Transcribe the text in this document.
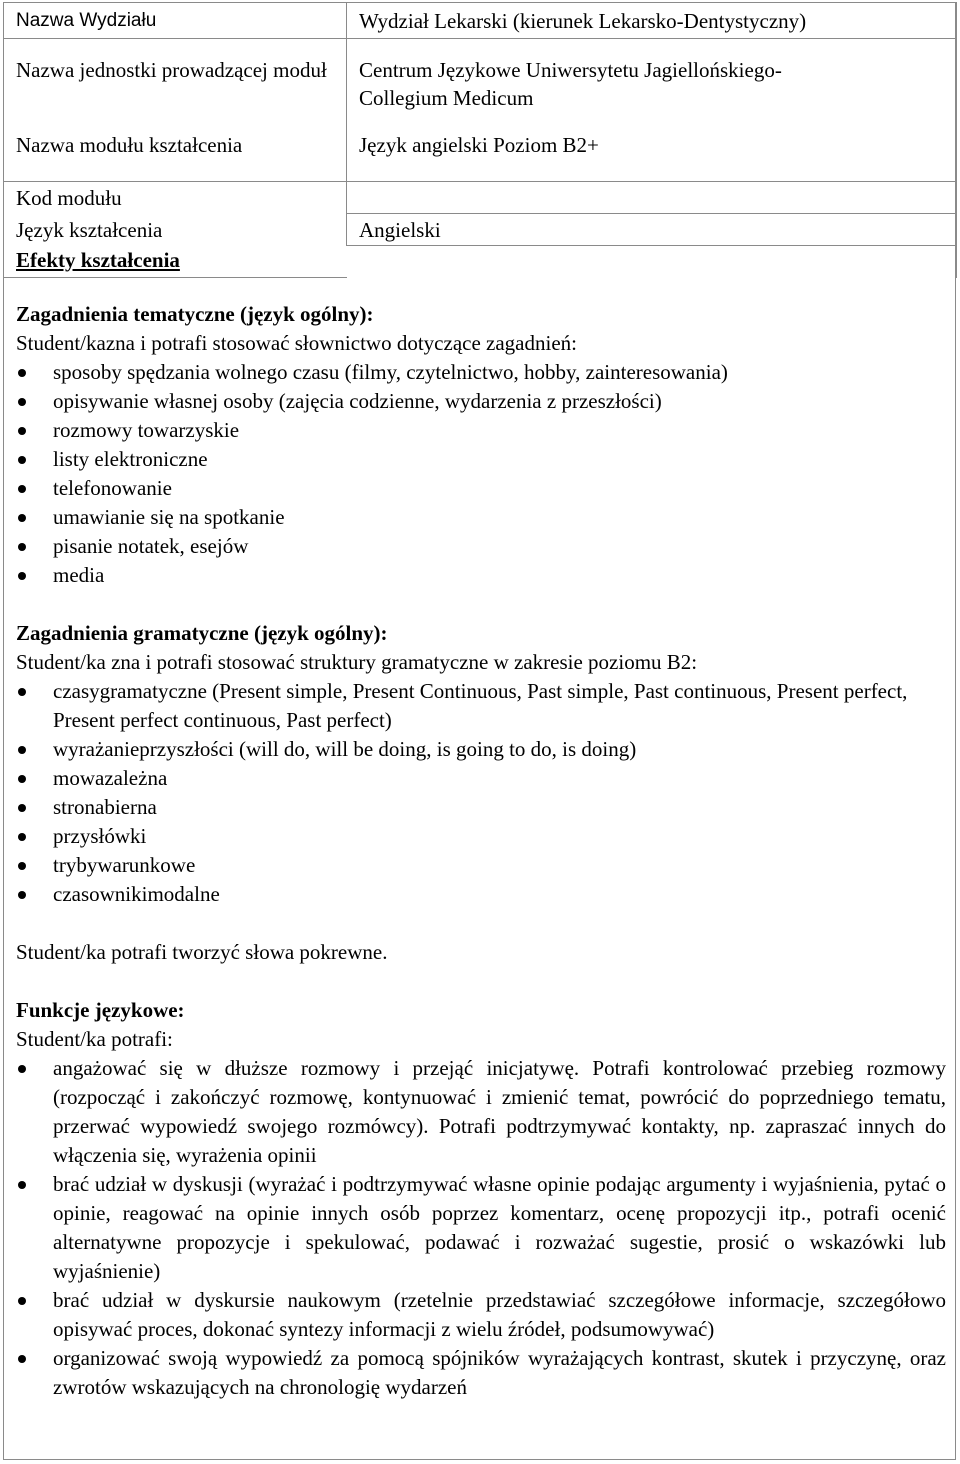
Nazwa Wydziału	Wydział Lekarski (kierunek Lekarsko-Dentystyczny)
Nazwa jednostki prowadzącej moduł	Centrum Językowe Uniwersytetu Jagiellońskiego-Collegium Medicum
Nazwa modułu kształcenia	Język angielski Poziom B2+
Kod modułu	
Język kształcenia	Angielski
Efekty kształcenia	

Zagadnienia tematyczne (język ogólny):

Student/kazna i potrafi stosować słownictwo dotyczące zagadnień:

sposoby spędzania wolnego czasu (filmy, czytelnictwo, hobby, zainteresowania)
opisywanie własnej osoby (zajęcia codzienne, wydarzenia z przeszłości)
rozmowy towarzyskie
listy elektroniczne
telefonowanie
umawianie się na spotkanie
pisanie notatek, esejów
media

Zagadnienia gramatyczne (język ogólny):

Student/ka zna i potrafi stosować struktury gramatyczne w zakresie poziomu B2:

czasygramatyczne (Present simple, Present Continuous, Past simple, Past continuous, Present perfect, Present perfect continuous, Past perfect)
wyrażanieprzyszłości (will do, will be doing, is going to do, is doing)
mowazależna
stronabierna
przysłówki
trybywarunkowe
czasownikimodalne

Student/ka potrafi tworzyć słowa pokrewne.

Funkcje językowe:

Student/ka potrafi:

angażować się w dłuższe rozmowy i przejąć inicjatywę. Potrafi kontrolować przebieg rozmowy (rozpocząć i zakończyć rozmowę, kontynuować i zmienić temat, powrócić do poprzedniego tematu, przerwać wypowiedź swojego rozmówcy). Potrafi podtrzymywać kontakty, np. zapraszać innych do włączenia się, wyrażenia opinii
brać udział w dyskusji (wyrażać i podtrzymywać własne opinie podając argumenty i wyjaśnienia, pytać o opinie, reagować na opinie innych osób poprzez komentarz, ocenę propozycji itp., potrafi ocenić alternatywne propozycje i spekulować, podawać i rozważać sugestie, prosić o wskazówki lub wyjaśnienie)
brać udział w dyskursie naukowym (rzetelnie przedstawiać szczegółowe informacje, szczegółowo opisywać proces, dokonać syntezy informacji z wielu źródeł, podsumowywać)
organizować swoją wypowiedź za pomocą spójników wyrażających kontrast, skutek i przyczynę, oraz zwrotów wskazujących na chronologię wydarzeń
